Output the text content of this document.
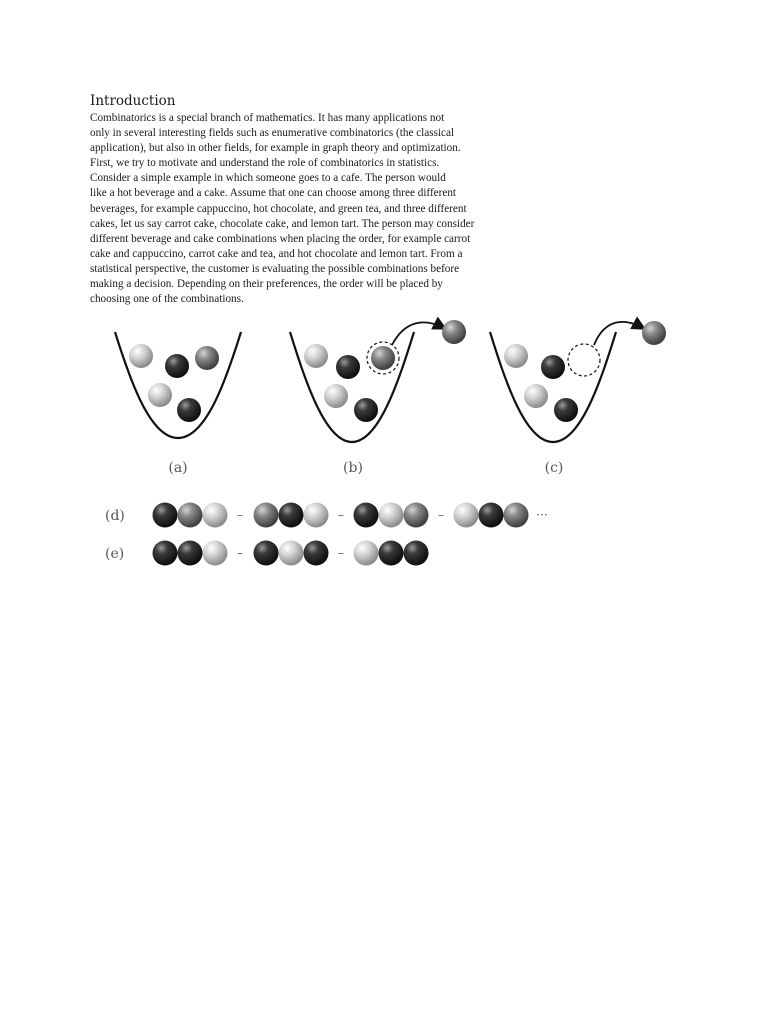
Introduction

Combinatorics is a special branch of mathematics. It has many applications not
only in several interesting fields such as enumerative combinatorics (the classical
application), but also in other fields, for example in graph theory and optimization.
First, we try to motivate and understand the role of combinatorics in statistics.
Consider a simple example in which someone goes to a cafe. The person would
like a hot beverage and a cake. Assume that one can choose among three different
beverages, for example cappuccino, hot chocolate, and green tea, and three different
cakes, let us say carrot cake, chocolate cake, and lemon tart. The person may consider
different beverage and cake combinations when placing the order, for example carrot
cake and cappuccino, carrot cake and tea, and hot chocolate and lemon tart. From a
statistical perspective, the customer is evaluating the possible combinations before
making a decision. Depending on their preferences, the order will be placed by
choosing one of the combinations.

(a)	(b)	(c)
(d)
(e)
–	–	–	···
–	–
